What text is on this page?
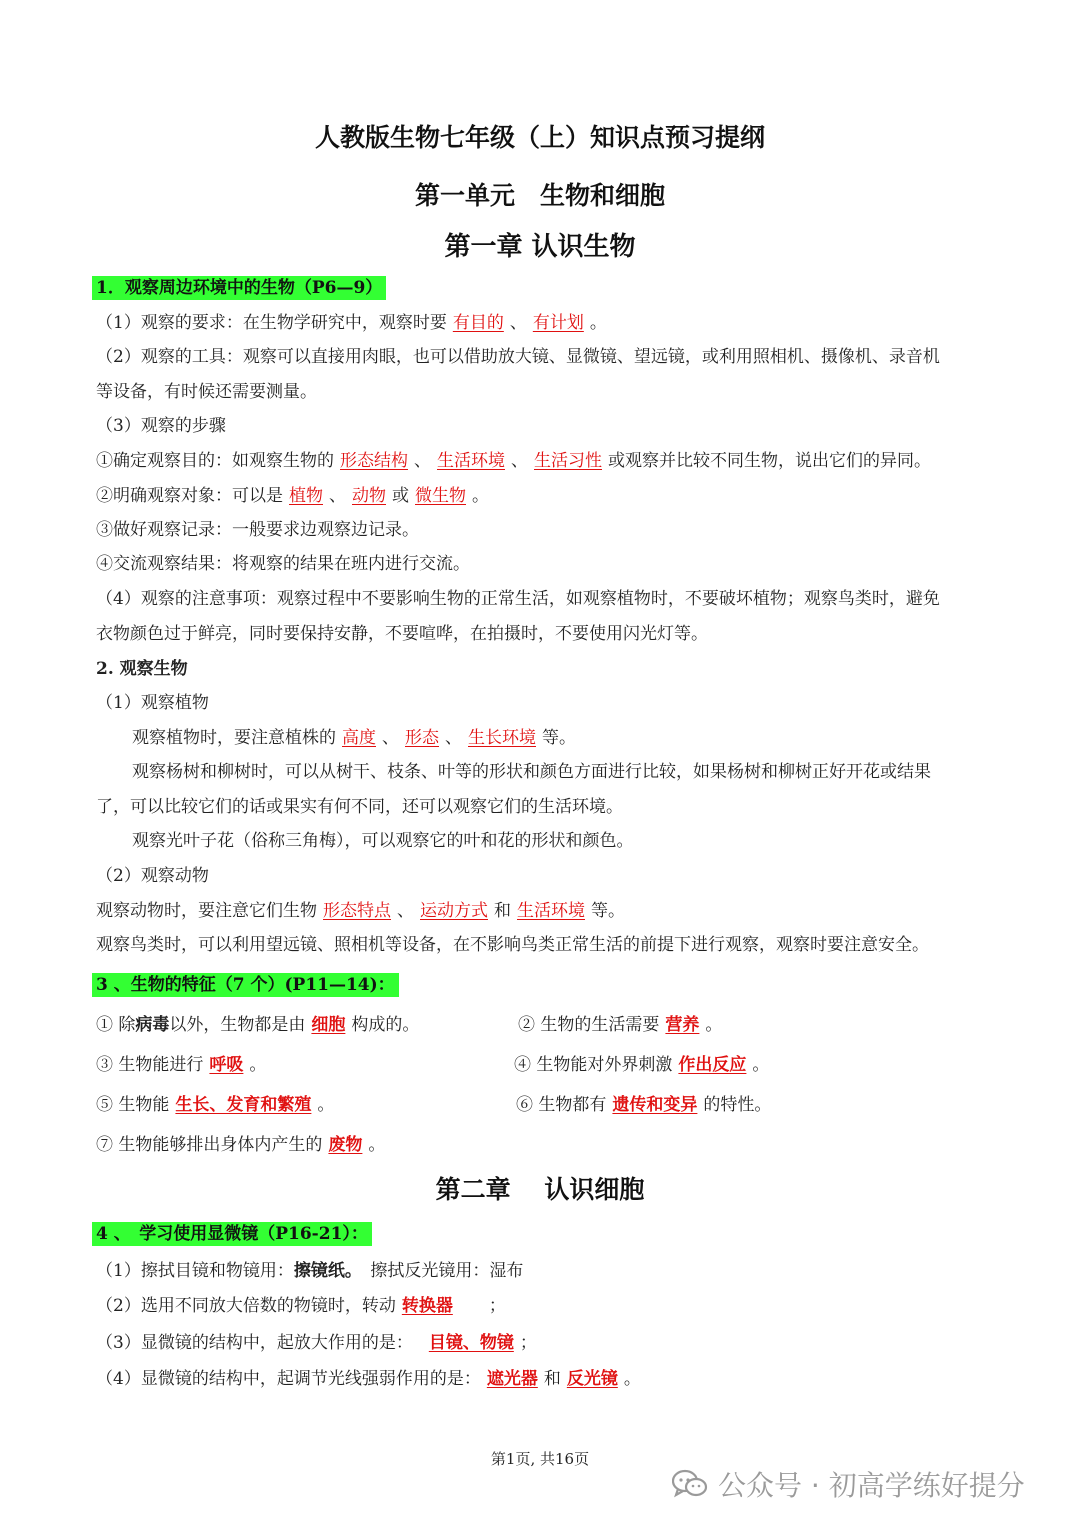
人教版生物七年级（上）知识点预习提纲
第一单元　生物和细胞
第一章 认识生物
1．观察周边环境中的生物（P6—9）
（1）观察的要求：在生物学研究中，观察时要 有目的 、 有计划 。
（2）观察的工具：观察可以直接用肉眼，也可以借助放大镜、显微镜、望远镜，或利用照相机、摄像机、录音机
等设备，有时候还需要测量。
（3）观察的步骤
①确定观察目的：如观察生物的 形态结构 、 生活环境 、 生活习性 或观察并比较不同生物，说出它们的异同。
②明确观察对象：可以是 植物 、 动物 或 微生物 。
③做好观察记录：一般要求边观察边记录。
④交流观察结果：将观察的结果在班内进行交流。
（4）观察的注意事项：观察过程中不要影响生物的正常生活，如观察植物时，不要破坏植物；观察鸟类时，避免
衣物颜色过于鲜亮，同时要保持安静，不要喧哗，在拍摄时，不要使用闪光灯等。
2. 观察生物
（1）观察植物
观察植物时，要注意植株的 高度 、 形态 、 生长环境 等。
观察杨树和柳树时，可以从树干、枝条、叶等的形状和颜色方面进行比较，如果杨树和柳树正好开花或结果
了，可以比较它们的话或果实有何不同，还可以观察它们的生活环境。
观察光叶子花（俗称三角梅），可以观察它的叶和花的形状和颜色。
（2）观察动物
观察动物时，要注意它们生物 形态特点 、 运动方式 和 生活环境 等。
观察鸟类时，可以利用望远镜、照相机等设备，在不影响鸟类正常生活的前提下进行观察，观察时要注意安全。
3 、生物的特征（7 个）(P11—14)：
① 除病毒以外，生物都是由 细胞 构成的。	② 生物的生活需要 营养 。
③ 生物能进行 呼吸 。	④ 生物能对外界刺激 作出反应 。
⑤ 生物能 生长、发育和繁殖 。	⑥ 生物都有 遗传和变异 的特性。
⑦ 生物能够排出身体内产生的 废物 。
第二章　 认识细胞
4 、　学习使用显微镜（P16-21）：
（1）擦拭目镜和物镜用：擦镜纸。　擦拭反光镜用：湿布
（2）选用不同放大倍数的物镜时，转动 转换器 ；
（3）显微镜的结构中，起放大作用的是： 目镜、物镜 ；
（4）显微镜的结构中，起调节光线强弱作用的是： 遮光器 和 反光镜 。
第1页, 共16页
公众号 · 初高学练好提分
